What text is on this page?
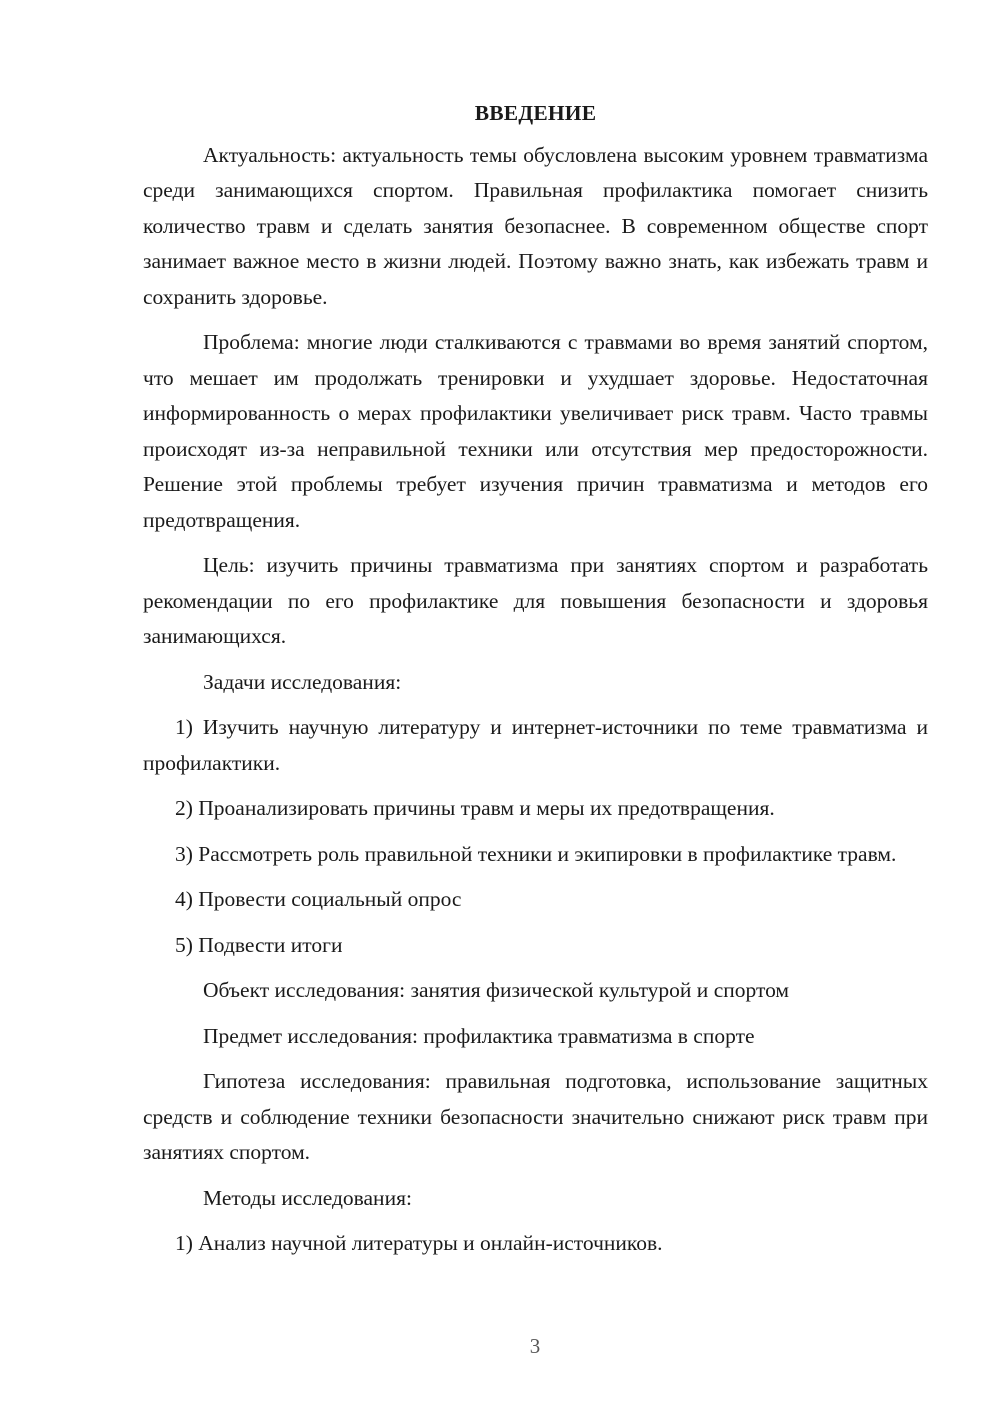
ВВЕДЕНИЕ

Актуальность: актуальность темы обусловлена высоким уровнем травматизма среди занимающихся спортом. Правильная профилактика помогает снизить количество травм и сделать занятия безопаснее. В современном обществе спорт занимает важное место в жизни людей. Поэтому важно знать, как избежать травм и сохранить здоровье.

Проблема: многие люди сталкиваются с травмами во время занятий спортом, что мешает им продолжать тренировки и ухудшает здоровье. Недостаточная информированность о мерах профилактики увеличивает риск травм. Часто травмы происходят из-за неправильной техники или отсутствия мер предосторожности. Решение этой проблемы требует изучения причин травматизма и методов его предотвращения.

Цель: изучить причины травматизма при занятиях спортом и разработать рекомендации по его профилактике для повышения безопасности и здоровья занимающихся.

Задачи исследования:

1) Изучить научную литературу и интернет-источники по теме травматизма и профилактики.

2) Проанализировать причины травм и меры их предотвращения.

3) Рассмотреть роль правильной техники и экипировки в профилактике травм.

4) Провести социальный опрос

5) Подвести итоги

Объект исследования: занятия физической культурой и спортом

Предмет исследования: профилактика травматизма в спорте

Гипотеза исследования: правильная подготовка, использование защитных средств и соблюдение техники безопасности значительно снижают риск травм при занятиях спортом.

Методы исследования:

1) Анализ научной литературы и онлайн-источников.

3
